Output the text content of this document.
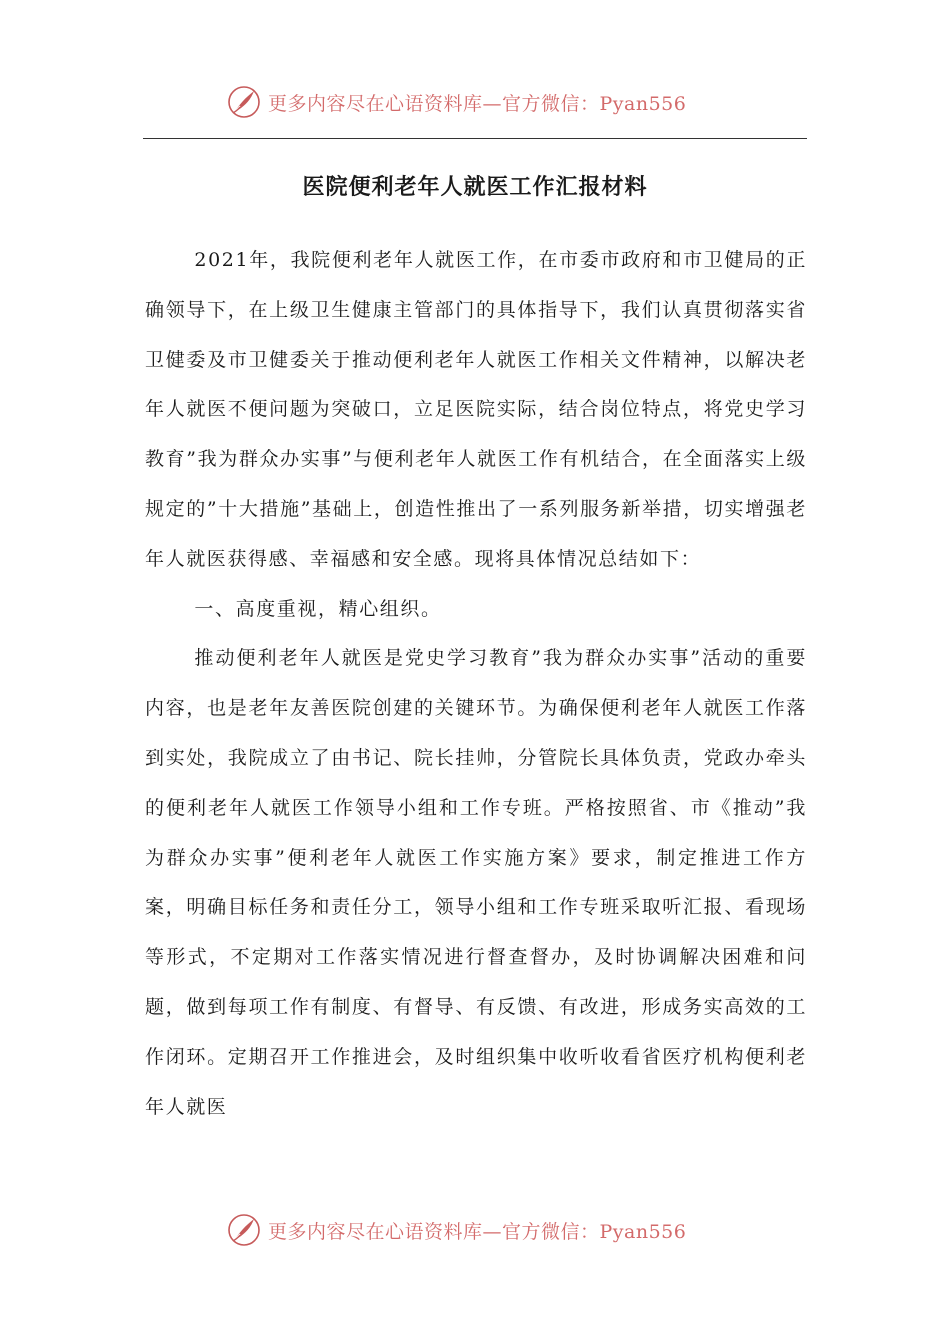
更多内容尽在心语资料库—官方微信：Pyan556
医院便利老年人就医工作汇报材料

2021年，我院便利老年人就医工作，在市委市政府和市卫健局的正确领导下，在上级卫生健康主管部门的具体指导下，我们认真贯彻落实省卫健委及市卫健委关于推动便利老年人就医工作相关文件精神，以解决老年人就医不便问题为突破口，立足医院实际，结合岗位特点，将党史学习教育”我为群众办实事”与便利老年人就医工作有机结合，在全面落实上级规定的”十大措施”基础上，创造性推出了一系列服务新举措，切实增强老年人就医获得感、幸福感和安全感。现将具体情况总结如下：

一、高度重视，精心组织。

推动便利老年人就医是党史学习教育”我为群众办实事”活动的重要内容，也是老年友善医院创建的关键环节。为确保便利老年人就医工作落到实处，我院成立了由书记、院长挂帅，分管院长具体负责，党政办牵头的便利老年人就医工作领导小组和工作专班。严格按照省、市《推动”我为群众办实事”便利老年人就医工作实施方案》要求，制定推进工作方案，明确目标任务和责任分工，领导小组和工作专班采取听汇报、看现场等形式，不定期对工作落实情况进行督查督办，及时协调解决困难和问题，做到每项工作有制度、有督导、有反馈、有改进，形成务实高效的工作闭环。定期召开工作推进会，及时组织集中收听收看省医疗机构便利老年人就医

更多内容尽在心语资料库—官方微信：Pyan556
